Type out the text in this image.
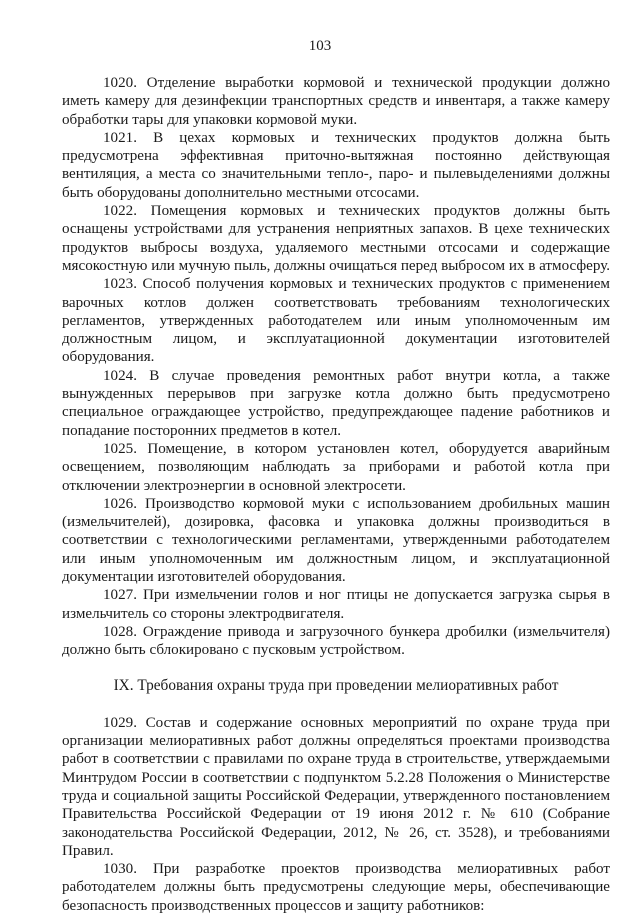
103

1020. Отделение выработки кормовой и технической продукции должно иметь камеру для дезинфекции транспортных средств и инвентаря, а также камеру обработки тары для упаковки кормовой муки.

1021. В цехах кормовых и технических продуктов должна быть предусмотрена эффективная приточно-вытяжная постоянно действующая вентиляция, а места со значительными тепло-, паро- и пылевыделениями должны быть оборудованы дополнительно местными отсосами.

1022. Помещения кормовых и технических продуктов должны быть оснащены устройствами для устранения неприятных запахов. В цехе технических продуктов выбросы воздуха, удаляемого местными отсосами и содержащие мясокостную или мучную пыль, должны очищаться перед выбросом их в атмосферу.

1023. Способ получения кормовых и технических продуктов с применением варочных котлов должен соответствовать требованиям технологических регламентов, утвержденных работодателем или иным уполномоченным им должностным лицом, и эксплуатационной документации изготовителей оборудования.

1024. В случае проведения ремонтных работ внутри котла, а также вынужденных перерывов при загрузке котла должно быть предусмотрено специальное ограждающее устройство, предупреждающее падение работников и попадание посторонних предметов в котел.

1025. Помещение, в котором установлен котел, оборудуется аварийным освещением, позволяющим наблюдать за приборами и работой котла при отключении электроэнергии в основной электросети.

1026. Производство кормовой муки с использованием дробильных машин (измельчителей), дозировка, фасовка и упаковка должны производиться в соответствии с технологическими регламентами, утвержденными работодателем или иным уполномоченным им должностным лицом, и эксплуатационной документации изготовителей оборудования.

1027. При измельчении голов и ног птицы не допускается загрузка сырья в измельчитель со стороны электродвигателя.

1028. Ограждение привода и загрузочного бункера дробилки (измельчителя) должно быть сблокировано с пусковым устройством.

IX. Требования охраны труда при проведении мелиоративных работ

1029. Состав и содержание основных мероприятий по охране труда при организации мелиоративных работ должны определяться проектами производства работ в соответствии с правилами по охране труда в строительстве, утверждаемыми Минтрудом России в соответствии с подпунктом 5.2.28 Положения о Министерстве труда и социальной защиты Российской Федерации, утвержденного постановлением Правительства Российской Федерации от 19 июня 2012 г. № 610 (Собрание законодательства Российской Федерации, 2012, № 26, ст. 3528), и требованиями Правил.

1030. При разработке проектов производства мелиоративных работ работодателем должны быть предусмотрены следующие меры, обеспечивающие безопасность производственных процессов и защиту работников:
